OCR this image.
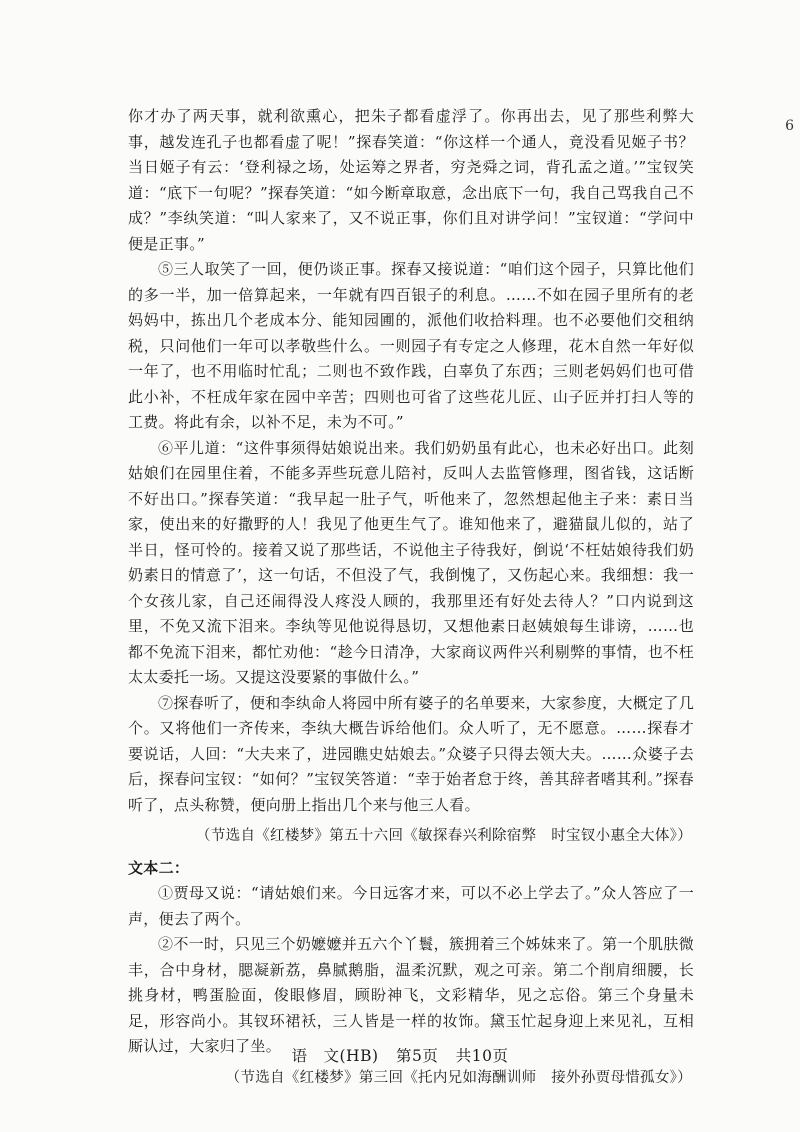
6

你才办了两天事，就利欲熏心，把朱子都看虚浮了。你再出去，见了那些利弊大事，越发连孔子也都看虚了呢！”探春笑道：“你这样一个通人，竟没看见姬子书？当日姬子有云：‘登利禄之场，处运筹之界者，穷尧舜之词，背孔孟之道。’”宝钗笑道：“底下一句呢？”探春笑道：“如今断章取意，念出底下一句，我自己骂我自己不成？”李纨笑道：“叫人家来了，又不说正事，你们且对讲学问！”宝钗道：“学问中便是正事。”

⑤三人取笑了一回，便仍谈正事。探春又接说道：“咱们这个园子，只算比他们的多一半，加一倍算起来，一年就有四百银子的利息。……不如在园子里所有的老妈妈中，拣出几个老成本分、能知园圃的，派他们收拾料理。也不必要他们交租纳税，只问他们一年可以孝敬些什么。一则园子有专定之人修理，花木自然一年好似一年了，也不用临时忙乱；二则也不致作践，白辜负了东西；三则老妈妈们也可借此小补，不枉成年家在园中辛苦；四则也可省了这些花儿匠、山子匠并打扫人等的工费。将此有余，以补不足，未为不可。”

⑥平儿道：“这件事须得姑娘说出来。我们奶奶虽有此心，也未必好出口。此刻姑娘们在园里住着，不能多弄些玩意儿陪衬，反叫人去监管修理，图省钱，这话断不好出口。”探春笑道：“我早起一肚子气，听他来了，忽然想起他主子来：素日当家，使出来的好撒野的人！我见了他更生气了。谁知他来了，避猫鼠儿似的，站了半日，怪可怜的。接着又说了那些话，不说他主子待我好，倒说‘不枉姑娘待我们奶奶素日的情意了’，这一句话，不但没了气，我倒愧了，又伤起心来。我细想：我一个女孩儿家，自己还闹得没人疼没人顾的，我那里还有好处去待人？”口内说到这里，不免又流下泪来。李纨等见他说得恳切，又想他素日赵姨娘每生诽谤，……也都不免流下泪来，都忙劝他：“趁今日清净，大家商议两件兴利剔弊的事情，也不枉太太委托一场。又提这没要紧的事做什么。”

⑦探春听了，便和李纨命人将园中所有婆子的名单要来，大家参度，大概定了几个。又将他们一齐传来，李纨大概告诉给他们。众人听了，无不愿意。……探春才要说话，人回：“大夫来了，进园瞧史姑娘去。”众婆子只得去领大夫。……众婆子去后，探春问宝钗：“如何？”宝钗笑答道：“幸于始者怠于终，善其辞者嗜其利。”探春听了，点头称赞，便向册上指出几个来与他三人看。

（节选自《红楼梦》第五十六回《敏探春兴利除宿弊　时宝钗小惠全大体》）

文本二：

①贾母又说：“请姑娘们来。今日远客才来，可以不必上学去了。”众人答应了一声，便去了两个。

②不一时，只见三个奶嬷嬷并五六个丫鬟，簇拥着三个姊妹来了。第一个肌肤微丰，合中身材，腮凝新荔，鼻腻鹅脂，温柔沉默，观之可亲。第二个削肩细腰，长挑身材，鸭蛋脸面，俊眼修眉，顾盼神飞，文彩精华，见之忘俗。第三个身量未足，形容尚小。其钗环裙袄，三人皆是一样的妆饰。黛玉忙起身迎上来见礼，互相厮认过，大家归了坐。

（节选自《红楼梦》第三回《托内兄如海酬训师　接外孙贾母惜孤女》）
语　文(HB) 第5页 共10页
